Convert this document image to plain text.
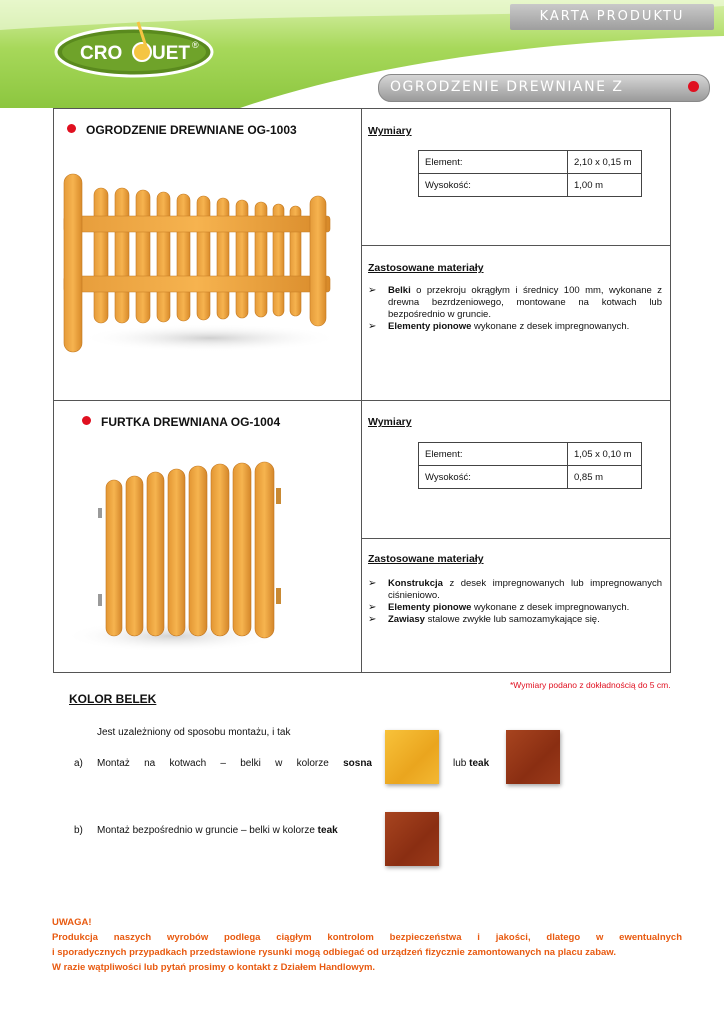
KARTA PRODUKTU
CRO UET ®
OGRODZENIE DREWNIANE Z DESEK
OGRODZENIE DREWNIANE OG-1003	Wymiary
Element:	2,10 x 0,15 m
Wysokość:	1,00 m
Zastosowane materiały
➢ Belki o przekroju okrągłym i średnicy 100 mm, wykonane z drewna bezrdzeniowego, montowane na kotwach lub bezpośrednio w gruncie.
➢ Elementy pionowe wykonane z desek impregnowanych.
FURTKA DREWNIANA OG-1004	Wymiary
Element:	1,05 x 0,10 m
Wysokość:	0,85 m
Zastosowane materiały
➢ Konstrukcja z desek impregnowanych lub impregnowanych ciśnieniowo.
➢ Elementy pionowe wykonane z desek impregnowanych.
➢ Zawiasy stalowe zwykłe lub samozamykające się.
*Wymiary podano z dokładnością do 5 cm.
KOLOR BELEK
Jest uzależniony od sposobu montażu, i tak
a) Montaż na kotwach – belki w kolorze sosna	lub teak
b) Montaż bezpośrednio w gruncie – belki w kolorze teak
UWAGA!
Produkcja naszych wyrobów podlega ciągłym kontrolom bezpieczeństwa i jakości, dlatego w ewentualnych
i sporadycznych przypadkach przedstawione rysunki mogą odbiegać od urządzeń fizycznie zamontowanych na placu zabaw.
W razie wątpliwości lub pytań prosimy o kontakt z Działem Handlowym.
